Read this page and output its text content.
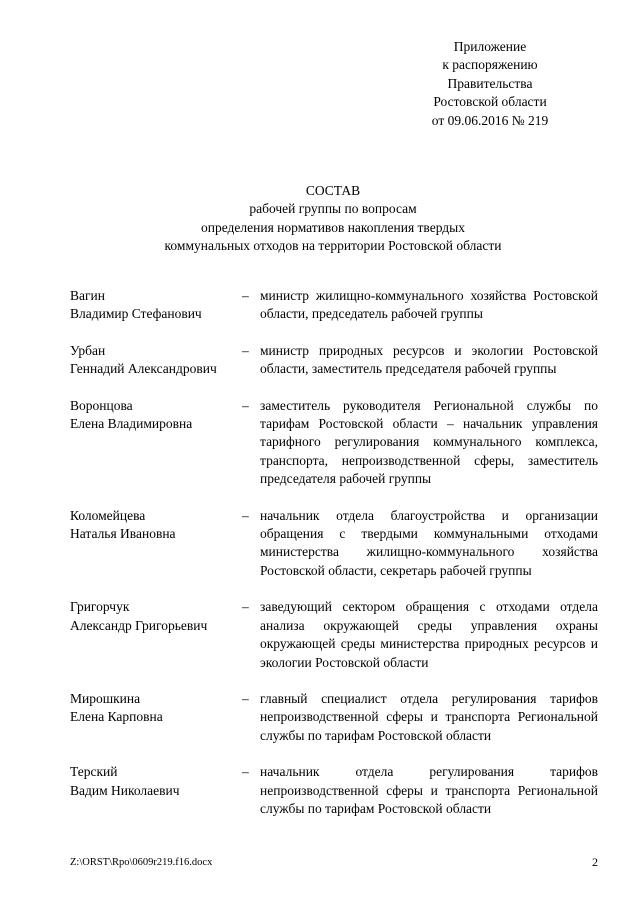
Приложение
к распоряжению
Правительства
Ростовской области
от 09.06.2016 № 219
СОСТАВ
рабочей группы по вопросам
определения нормативов накопления твердых
коммунальных отходов на территории Ростовской области
Вагин
Владимир Стефанович
– министр жилищно-коммунального хозяйства Ростовской области, председатель рабочей группы
Урбан
Геннадий Александрович
– министр природных ресурсов и экологии Ростовской области, заместитель председателя рабочей группы
Воронцова
Елена Владимировна
– заместитель руководителя Региональной службы по тарифам Ростовской области – начальник управления тарифного регулирования коммунального комплекса, транспорта, непроизводственной сферы, заместитель председателя рабочей группы
Коломейцева
Наталья Ивановна
– начальник отдела благоустройства и организации обращения с твердыми коммунальными отходами министерства жилищно-коммунального хозяйства Ростовской области, секретарь рабочей группы
Григорчук
Александр Григорьевич
– заведующий сектором обращения с отходами отдела анализа окружающей среды управления охраны окружающей среды министерства природных ресурсов и экологии Ростовской области
Мирошкина
Елена Карповна
– главный специалист отдела регулирования тарифов непроизводственной сферы и транспорта Региональной службы по тарифам Ростовской области
Терский
Вадим Николаевич
– начальник отдела регулирования тарифов непроизводственной сферы и транспорта Региональной службы по тарифам Ростовской области
Z:\ORST\Rpo\0609r219.f16.docx	2
